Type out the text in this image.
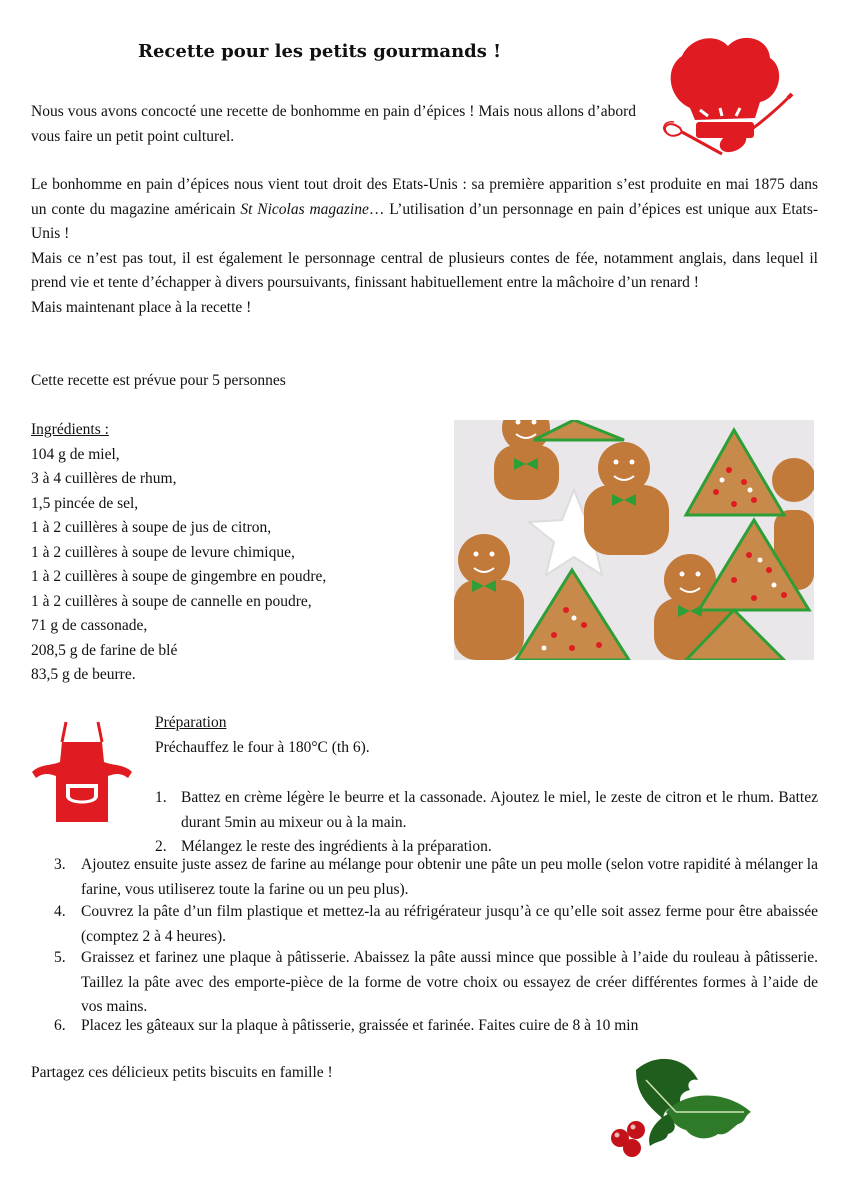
Recette pour les petits gourmands !

Nous vous avons concocté une recette de bonhomme en pain d’épices ! Mais nous allons d’abord vous faire un petit point culturel.

Le bonhomme en pain d’épices nous vient tout droit des Etats-Unis : sa première apparition s’est produite en mai 1875 dans un conte du magazine américain St Nicolas magazine… L’utilisation d’un personnage en pain d’épices est unique aux Etats-Unis !
Mais ce n’est pas tout, il est également le personnage central de plusieurs contes de fée, notamment anglais, dans lequel il prend vie et tente d’échapper à divers poursuivants, finissant habituellement entre la mâchoire d’un renard !
Mais maintenant place à la recette !

Cette recette est prévue pour 5 personnes

Ingrédients :
104 g de miel,
3 à 4 cuillères de rhum,
1,5 pincée de sel,
1 à 2 cuillères à soupe de jus de citron,
1 à 2 cuillères à soupe de levure chimique,
1 à 2 cuillères à soupe de gingembre en poudre,
1 à 2 cuillères à soupe de cannelle en poudre,
71 g de cassonade,
208,5 g de farine de blé
83,5 g de beurre.
Préparation
Préchauffez le four à 180°C (th 6).
1. Battez en crème légère le beurre et la cassonade. Ajoutez le miel, le zeste de citron et le rhum. Battez durant 5min au mixeur ou à la main.
2. Mélangez le reste des ingrédients à la préparation.
3. Ajoutez ensuite juste assez de farine au mélange pour obtenir une pâte un peu molle (selon votre rapidité à mélanger la farine, vous utiliserez toute la farine ou un peu plus).
4. Couvrez la pâte d’un film plastique et mettez-la au réfrigérateur jusqu’à ce qu’elle soit assez ferme pour être abaissée (comptez 2 à 4 heures).
5. Graissez et farinez une plaque à pâtisserie. Abaissez la pâte aussi mince que possible à l’aide du rouleau à pâtisserie. Taillez la pâte avec des emporte-pièce de la forme de votre choix ou essayez de créer différentes formes à l’aide de vos mains.
6. Placez les gâteaux sur la plaque à pâtisserie, graissée et farinée. Faites cuire de 8 à 10 min

Partagez ces délicieux petits biscuits en famille !
